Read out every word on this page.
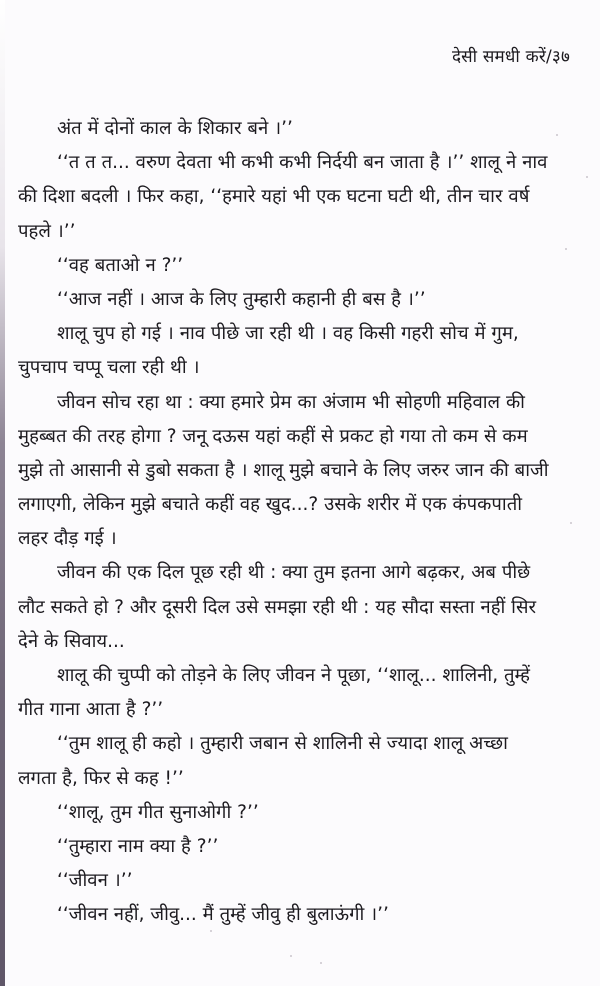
देसी समधी करें/३७
अंत में दोनों काल के शिकार बने ।’’
‘‘त त त... वरुण देवता भी कभी कभी निर्दयी बन जाता है ।’’ शालू ने नाव
की दिशा बदली । फिर कहा, ‘‘हमारे यहां भी एक घटना घटी थी, तीन चार वर्ष
पहले ।’’
‘‘वह बताओ न ?’’
‘‘आज नहीं । आज के लिए तुम्हारी कहानी ही बस है ।’’
शालू चुप हो गई । नाव पीछे जा रही थी । वह किसी गहरी सोच में गुम,
चुपचाप चप्पू चला रही थी ।
जीवन सोच रहा था : क्या हमारे प्रेम का अंजाम भी सोहणी महिवाल की
मुहब्बत की तरह होगा ? जनू दऊस यहां कहीं से प्रकट हो गया तो कम से कम
मुझे तो आसानी से डुबो सकता है । शालू मुझे बचाने के लिए जरुर जान की बाजी
लगाएगी, लेकिन मुझे बचाते कहीं वह खुद...? उसके शरीर में एक कंपकपाती
लहर दौड़ गई ।
जीवन की एक दिल पूछ रही थी : क्या तुम इतना आगे बढ़कर, अब पीछे
लौट सकते हो ? और दूसरी दिल उसे समझा रही थी : यह सौदा सस्ता नहीं सिर
देने के सिवाय...
शालू की चुप्पी को तोड़ने के लिए जीवन ने पूछा, ‘‘शालू... शालिनी, तुम्हें
गीत गाना आता है ?’’
‘‘तुम शालू ही कहो । तुम्हारी जबान से शालिनी से ज्यादा शालू अच्छा
लगता है, फिर से कह !’’
‘‘शालू, तुम गीत सुनाओगी ?’’
‘‘तुम्हारा नाम क्या है ?’’
‘‘जीवन ।’’
‘‘जीवन नहीं, जीवु... मैं तुम्हें जीवु ही बुलाऊंगी ।’’
